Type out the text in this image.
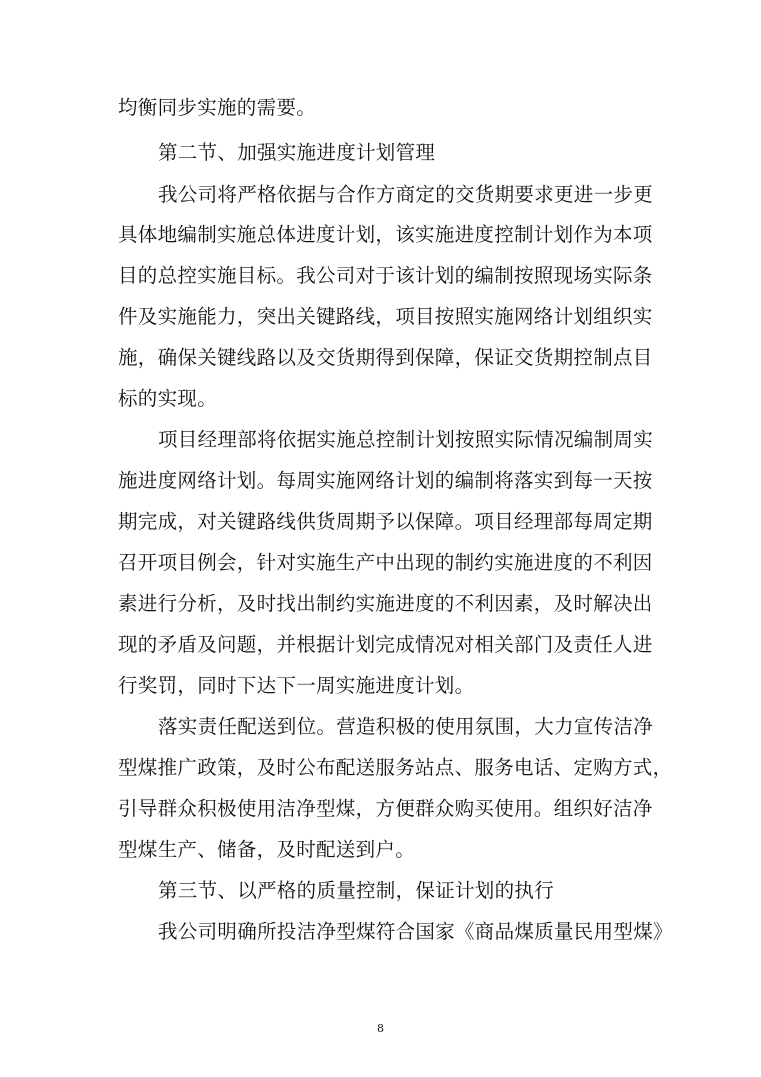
均衡同步实施的需要。
第二节、加强实施进度计划管理
我公司将严格依据与合作方商定的交货期要求更进一步更
具体地编制实施总体进度计划，该实施进度控制计划作为本项
目的总控实施目标。我公司对于该计划的编制按照现场实际条
件及实施能力，突出关键路线，项目按照实施网络计划组织实
施，确保关键线路以及交货期得到保障，保证交货期控制点目
标的实现。
项目经理部将依据实施总控制计划按照实际情况编制周实
施进度网络计划。每周实施网络计划的编制将落实到每一天按
期完成，对关键路线供货周期予以保障。项目经理部每周定期
召开项目例会，针对实施生产中出现的制约实施进度的不利因
素进行分析，及时找出制约实施进度的不利因素，及时解决出
现的矛盾及问题，并根据计划完成情况对相关部门及责任人进
行奖罚，同时下达下一周实施进度计划。
落实责任配送到位。营造积极的使用氛围，大力宣传洁净
型煤推广政策，及时公布配送服务站点、服务电话、定购方式，
引导群众积极使用洁净型煤，方便群众购买使用。组织好洁净
型煤生产、储备，及时配送到户。
第三节、以严格的质量控制，保证计划的执行
我公司明确所投洁净型煤符合国家《商品煤质量民用型煤》
8
